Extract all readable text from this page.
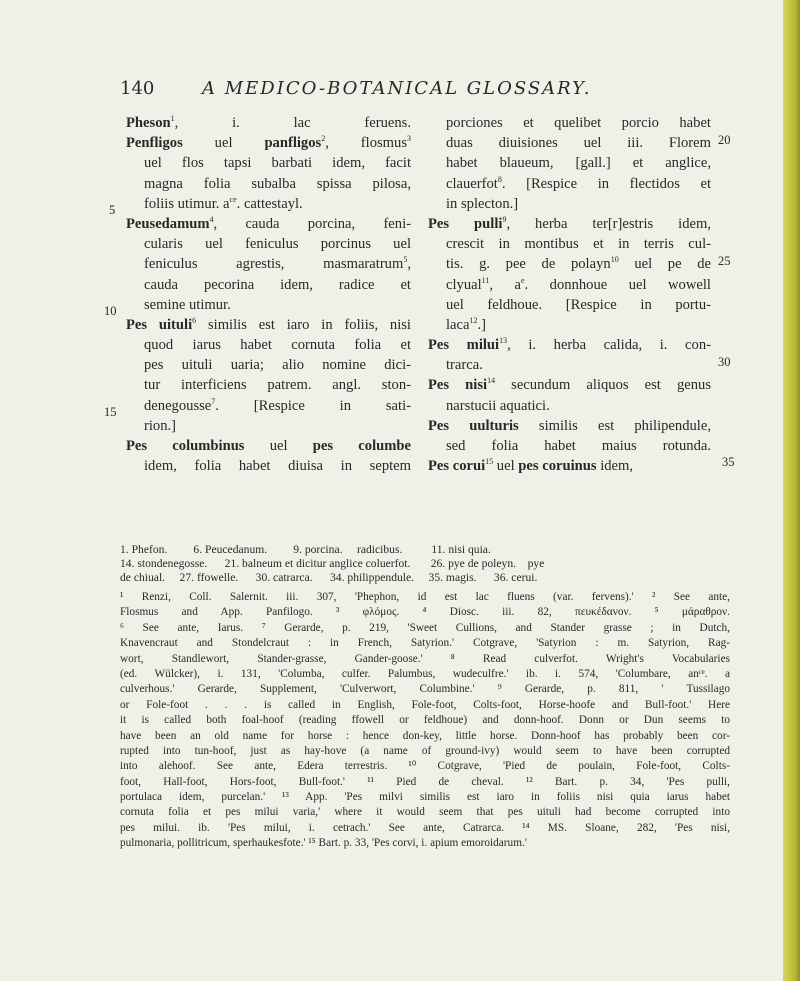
140	A MEDICO-BOTANICAL GLOSSARY.
Pheson$^1$, i. lac feruens.
Penfligos uel panfligos$^2$, flosmus$^3$
uel flos tapsi barbati idem, facit
magna folia subalba spissa pilosa,
foliis utimur. $a^{ce}$. cattestayl.
Peusedamum$^4$, cauda porcina, feni-
cularis uel feniculus porcinus uel
feniculus agrestis, masmaratrum$^5$,
cauda pecorina idem, radice et
semine utimur.
Pes uituli$^6$ similis est iaro in foliis, nisi
quod iarus habet cornuta folia et
pes uituli uaria; alio nomine dici-
tur interficiens patrem. angl. ston-
denegousse$^7$. [Respice in sati-
rion.]
Pes columbinus uel pes columbe
idem, folia habet diuisa in septem
porciones et quelibet porcio habet
duas diuisiones uel iii. Florem
habet blaueum, [gall.] et anglice,
clauerfot$^8$. [Respice in flectidos et
in splecton.]
Pes pulli$^9$, herba ter[r]estris idem,
crescit in montibus et in terris cul-
tis. g. pee de polayn$^{10}$ uel pe de
clyual$^{11}$, $a^e$. donnhoue uel wowell
uel feldhoue. [Respice in portu-
laca$^{12}$.]
Pes milui$^{13}$, i. herba calida, i. con-
trarca.
Pes nisi$^{14}$ secundum aliquos est genus
narstucii aquatici.
Pes uulturis similis est philipendule,
sed folia habet maius rotunda.
Pes corui$^{15}$ uel pes coruinus idem,
5
10
15
20
25
30
35
1. Phefon.         6. Peucedanum.         9. porcina.     radicibus.          11. nisi quia.
14. stondenegosse.      21. balneum et dicitur anglice coluerfot.       26. pye de poleyn.    pye
de chiual.     27. ffowelle.      30. catrarca.      34. philippendule.     35. magis.      36. cerui.
¹ Renzi, Coll. Salernit. iii. 307, 'Phephon, id est lac fluens (var. fervens).' ² See ante,
Flosmus and App. Panfilogo. ³ φλόμος. ⁴ Diosc. iii. 82, πευκέδανον. ⁵ μάραθρον.
⁶ See ante, Iarus. ⁷ Gerarde, p. 219, 'Sweet Cullions, and Stander grasse ; in Dutch,
Knavencraut and Stondelcraut : in French, Satyrion.' Cotgrave, 'Satyrion : m. Satyrion, Rag-
wort, Standlewort, Stander-grasse, Gander-goose.' ⁸ Read culverfot. Wright's Vocabularies
(ed. Wülcker), i. 131, 'Columba, culfer. Palumbus, wudeculfre.' ib. i. 574, 'Columbare, anᶜᵉ. a
culverhous.' Gerarde, Supplement, 'Culverwort, Columbine.' ⁹ Gerarde, p. 811, ' Tussilago
or Fole-foot . . . is called in English, Fole-foot, Colts-foot, Horse-hoofe and Bull-foot.' Here
it is called both foal-hoof (reading ffowell or feldhoue) and donn-hoof. Donn or Dun seems to
have been an old name for horse : hence don-key, little horse. Donn-hoof has probably been cor-
rupted into tun-hoof, just as hay-hove (a name of ground-ivy) would seem to have been corrupted
into alehoof. See ante, Edera terrestris. ¹⁰ Cotgrave, 'Pied de poulain, Fole-foot, Colts-
foot, Hall-foot, Hors-foot, Bull-foot.' ¹¹ Pied de cheval. ¹² Bart. p. 34, 'Pes pulli,
portulaca idem, purcelan.' ¹³ App. 'Pes milvi similis est iaro in foliis nisi quia iarus habet
cornuta folia et pes milui varia,' where it would seem that pes uituli had become corrupted into
pes milui. ib. 'Pes milui, i. cetrach.' See ante, Catrarca. ¹⁴ MS. Sloane, 282, 'Pes nisi,
pulmonaria, pollitricum, sperhaukesfote.' ¹⁵ Bart. p. 33, 'Pes corvi, i. apium emoroidarum.'
